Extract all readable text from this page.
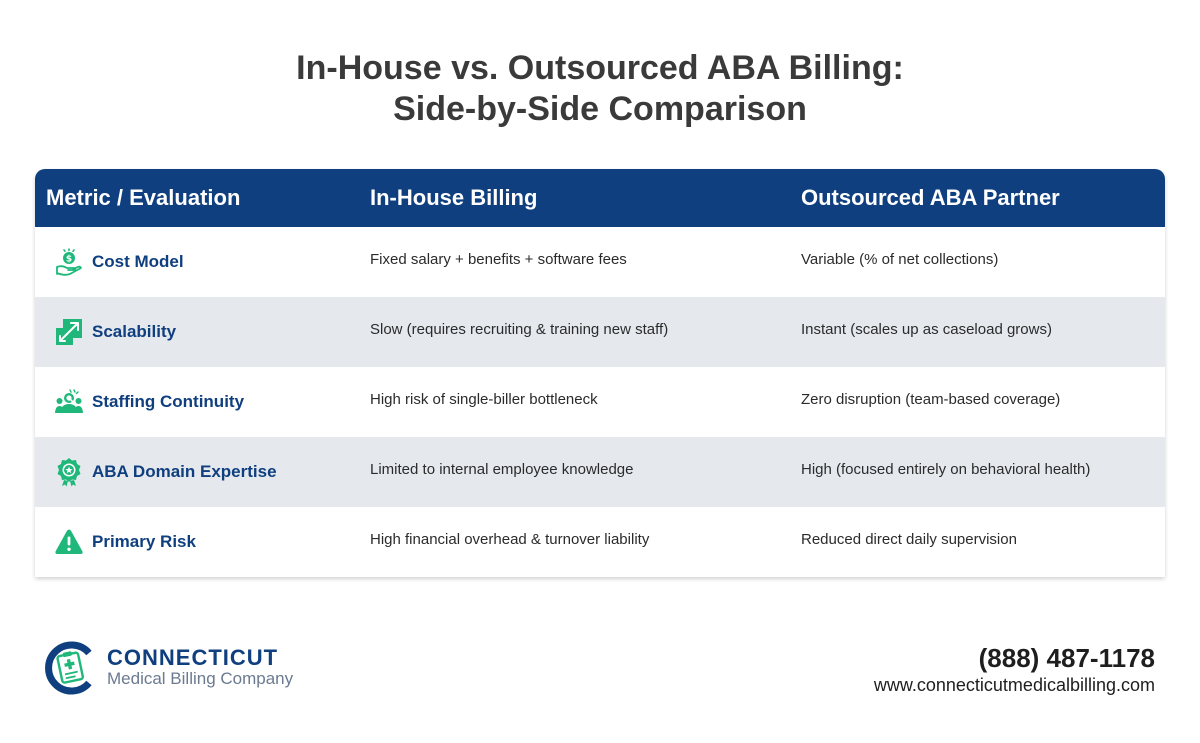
In-House vs. Outsourced ABA Billing:
Side-by-Side Comparison
Metric / Evaluation	In-House Billing	Outsourced ABA Partner
$ Cost Model	Fixed salary + benefits + software fees	Variable (% of net collections)
Scalability	Slow (requires recruiting & training new staff)	Instant (scales up as caseload grows)
Staffing Continuity	High risk of single-biller bottleneck	Zero disruption (team-based coverage)
ABA Domain Expertise	Limited to internal employee knowledge	High (focused entirely on behavioral health)
Primary Risk	High financial overhead & turnover liability	Reduced direct daily supervision
CONNECTICUT
Medical Billing Company
(888) 487-1178
www.connecticutmedicalbilling.com
